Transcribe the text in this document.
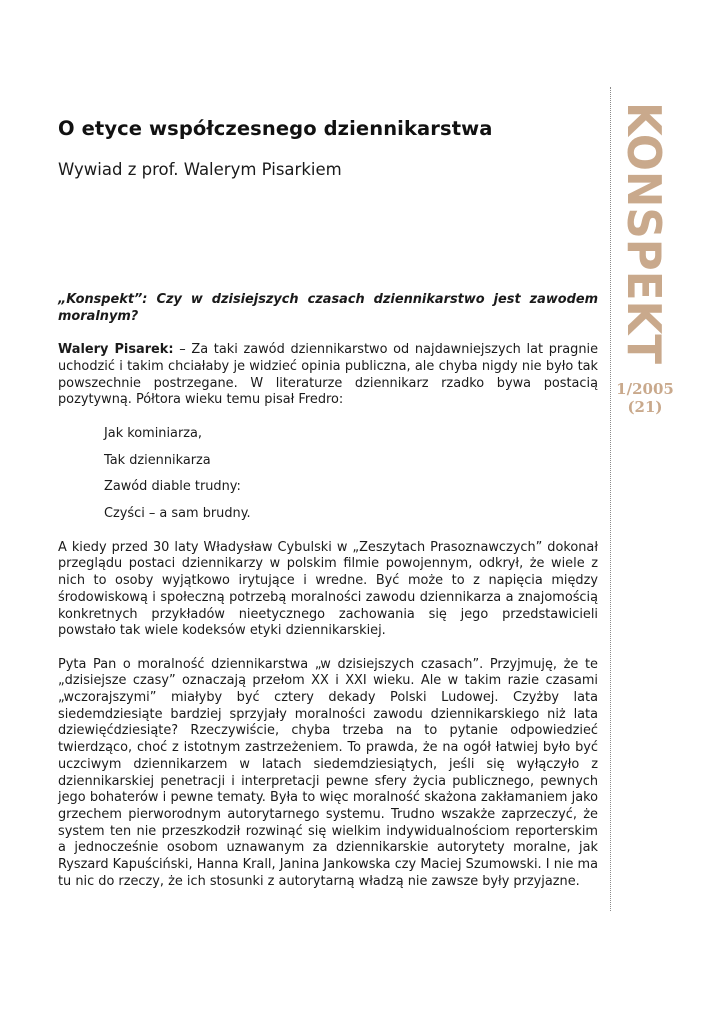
O etyce współczesnego dziennikarstwa
Wywiad z prof. Walerym Pisarkiem

„Konspekt”: Czy w dzisiejszych czasach dziennikarstwo jest zawodem moralnym?

Walery Pisarek: – Za taki zawód dziennikarstwo od najdawniejszych lat pragnie uchodzić i takim chciałaby je widzieć opinia publiczna, ale chyba nigdy nie było tak powszechnie postrzegane. W literaturze dziennikarz rzadko bywa postacią pozytywną. Półtora wieku temu pisał Fredro:

Jak kominiarza,

Tak dziennikarza

Zawód diable trudny:

Czyści – a sam brudny.

A kiedy przed 30 laty Władysław Cybulski w „Zeszytach Prasoznawczych” dokonał przeglądu postaci dziennikarzy w polskim filmie powojennym, odkrył, że wiele z nich to osoby wyjątkowo irytujące i wredne. Być może to z napięcia między środowiskową i społeczną potrzebą moralności zawodu dziennikarza a znajomością konkretnych przykładów nieetycznego zachowania się jego przedstawicieli powstało tak wiele kodeksów etyki dziennikarskiej.

Pyta Pan o moralność dziennikarstwa „w dzisiejszych czasach”. Przyjmuję, że te „dzisiejsze czasy” oznaczają przełom XX i XXI wieku. Ale w takim razie czasami „wczorajszymi” miałyby być cztery dekady Polski Ludowej. Czyżby lata siedemdziesiąte bardziej sprzyjały moralności zawodu dziennikarskiego niż lata dziewięćdziesiąte? Rzeczywiście, chyba trzeba na to pytanie odpowiedzieć twierdząco, choć z istotnym zastrzeżeniem. To prawda, że na ogół łatwiej było być uczciwym dziennikarzem w latach siedemdziesiątych, jeśli się wyłączyło z dziennikarskiej penetracji i interpretacji pewne sfery życia publicznego, pewnych jego bohaterów i pewne tematy. Była to więc moralność skażona zakłamaniem jako grzechem pierworodnym autorytarnego systemu. Trudno wszakże zaprzeczyć, że system ten nie przeszkodził rozwinąć się wielkim indywidualnościom reporterskim a jednocześnie osobom uznawanym za dziennikarskie autorytety moralne, jak Ryszard Kapuściński, Hanna Krall, Janina Jankowska czy Maciej Szumowski. I nie ma tu nic do rzeczy, że ich stosunki z autorytarną władzą nie zawsze były przyjazne.

KONSPEKT
1/2005
(21)
